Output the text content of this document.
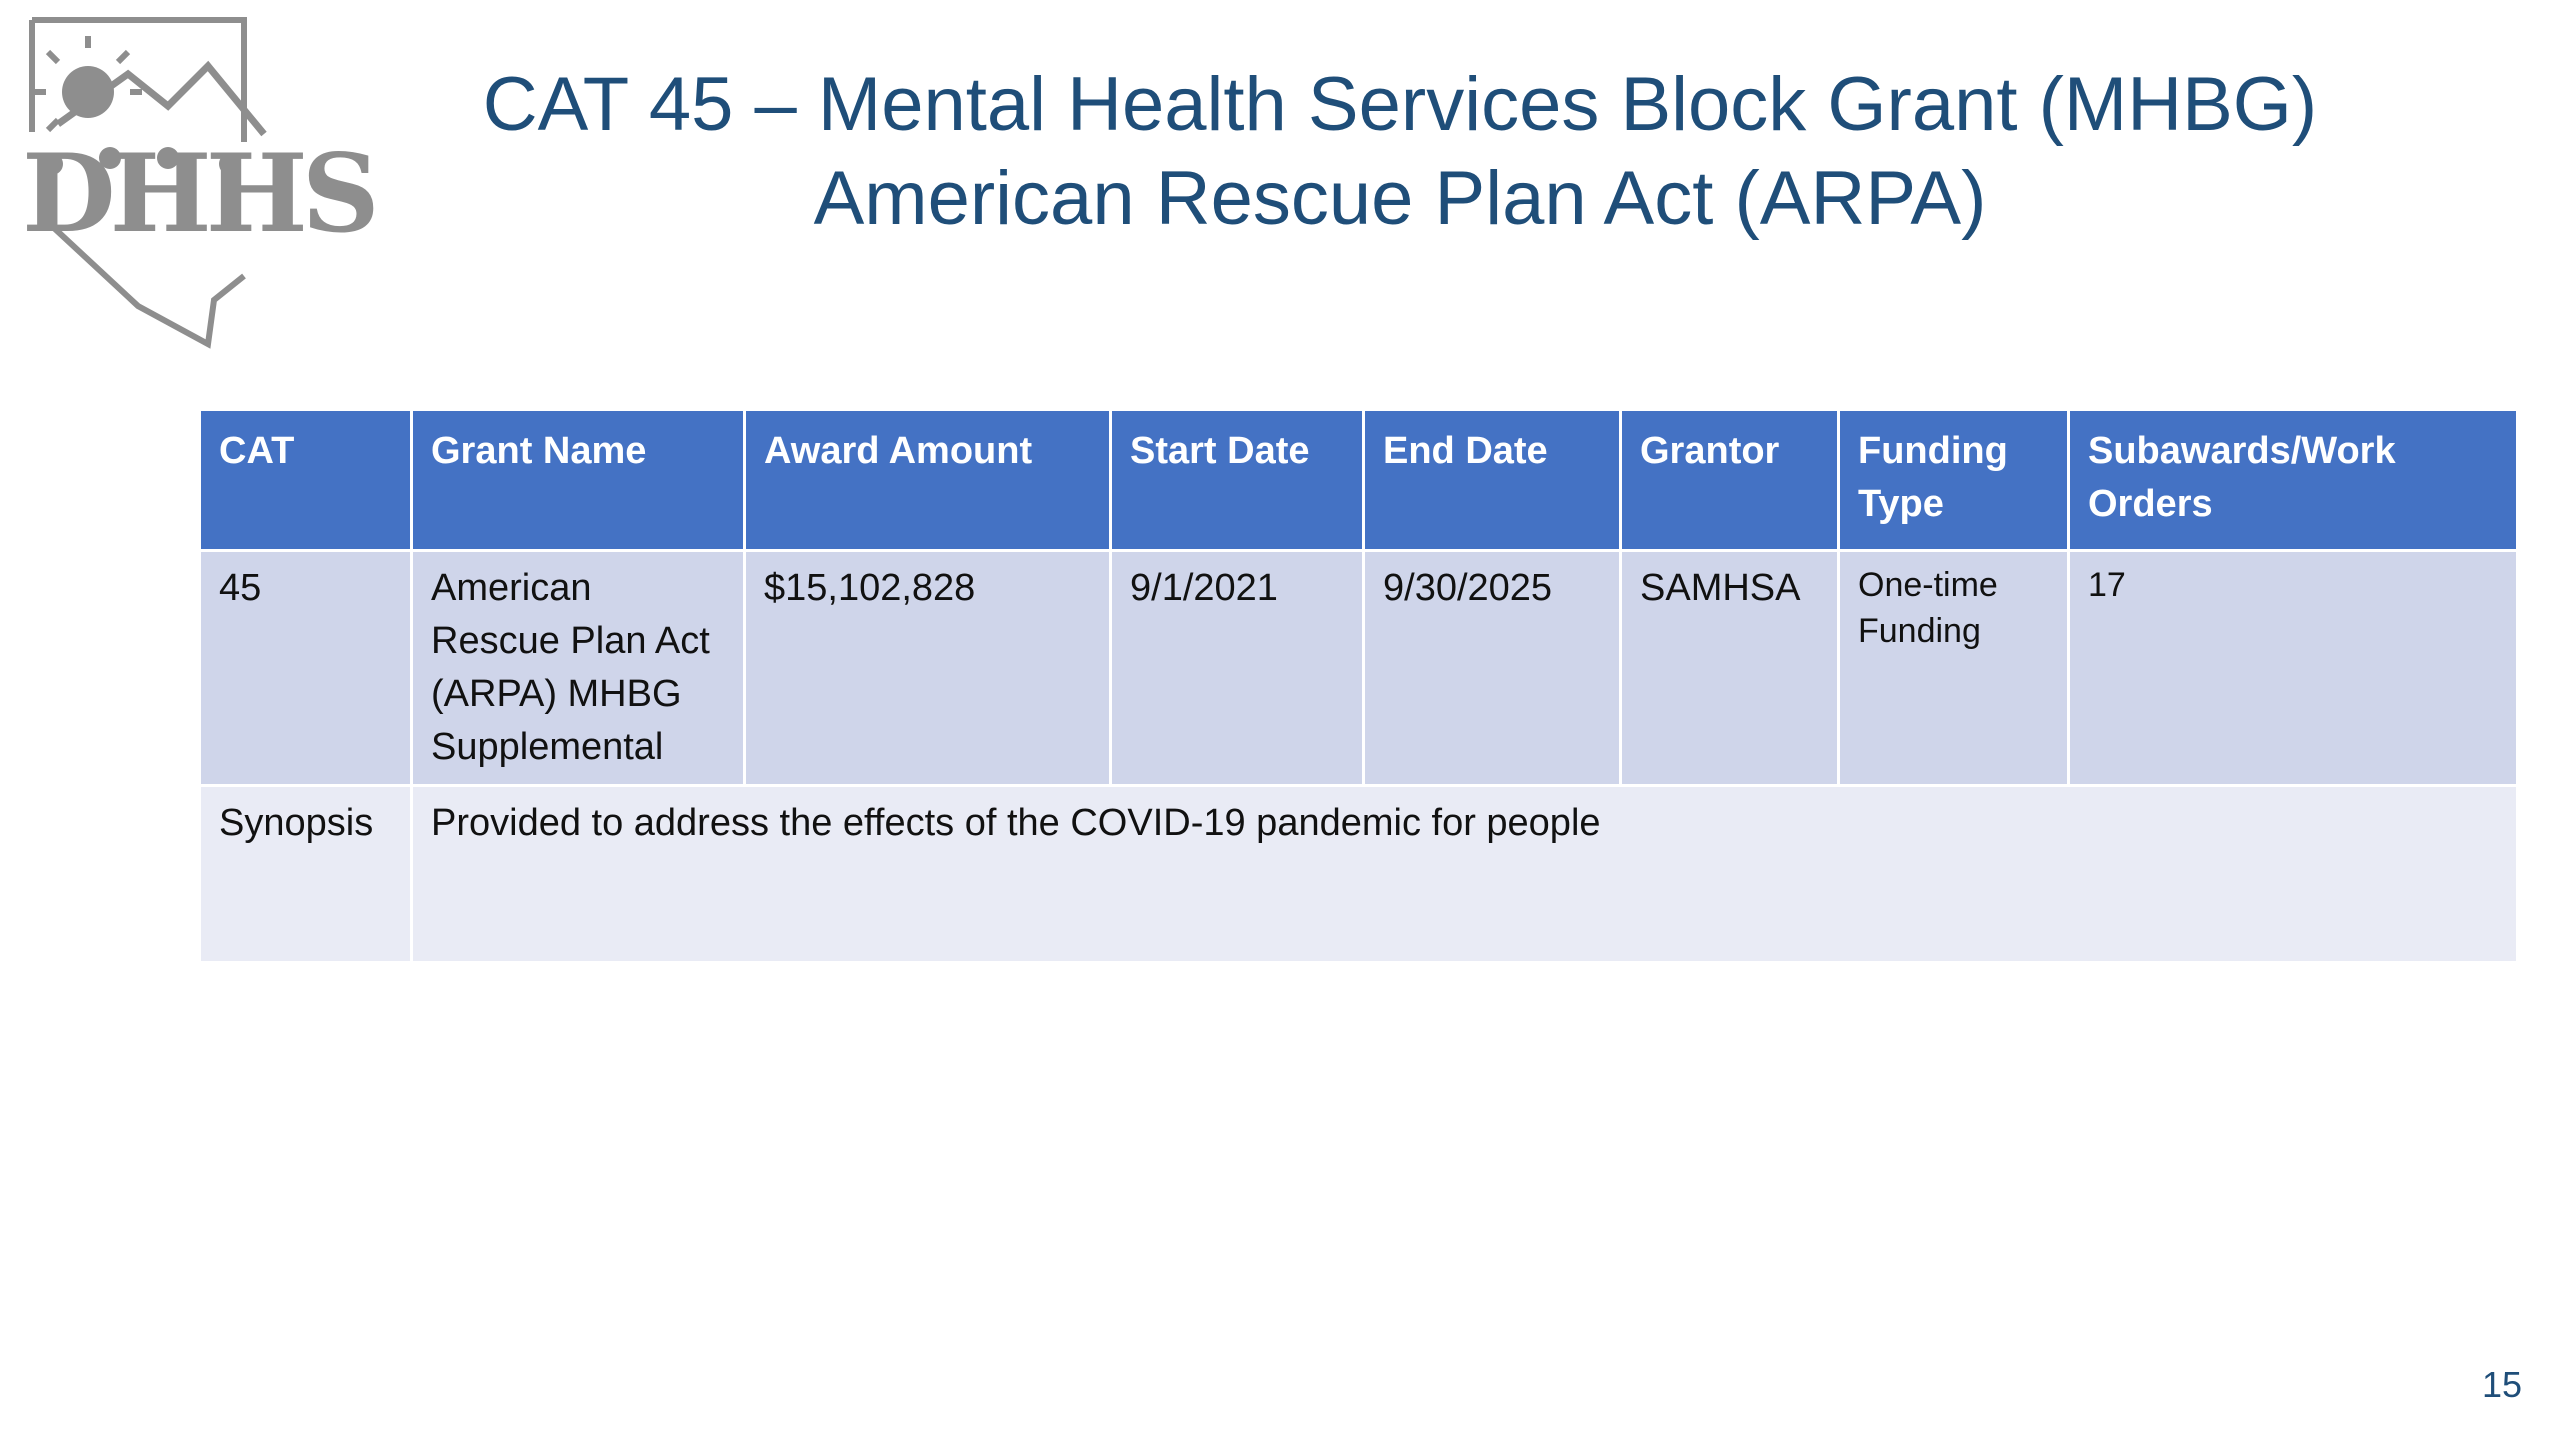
DHHS
CAT 45 – Mental Health Services Block Grant (MHBG)
American Rescue Plan Act (ARPA)
CAT	Grant Name	Award Amount	Start Date	End Date	Grantor	Funding Type	Subawards/Work Orders
45	American Rescue Plan Act (ARPA) MHBG Supplemental	$15,102,828	9/1/2021	9/30/2025	SAMHSA	One-time Funding	17
Synopsis	Provided to address the effects of the COVID-19 pandemic for people						
15
